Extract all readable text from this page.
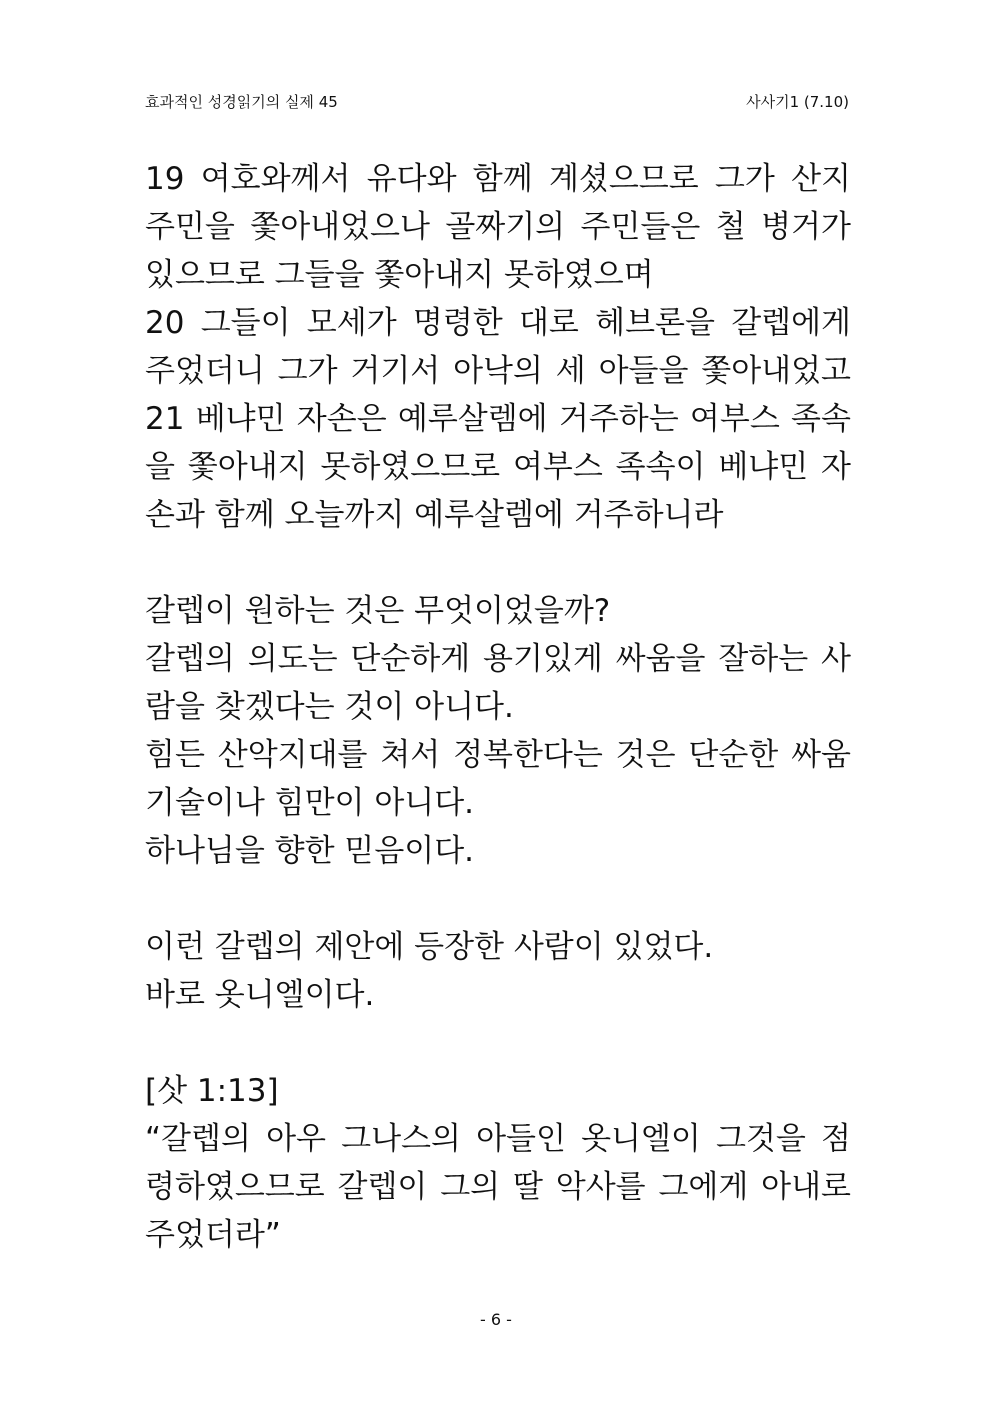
효과적인 성경읽기의 실제 45	사사기1 (7.10)
19 여호와께서 유다와 함께 계셨으므로 그가 산지
주민을 쫓아내었으나 골짜기의 주민들은 철 병거가
있으므로 그들을 쫓아내지 못하였으며
20 그들이 모세가 명령한 대로 헤브론을 갈렙에게
주었더니 그가 거기서 아낙의 세 아들을 쫓아내었고
21 베냐민 자손은 예루살렘에 거주하는 여부스 족속
을 쫓아내지 못하였으므로 여부스 족속이 베냐민 자
손과 함께 오늘까지 예루살렘에 거주하니라
갈렙이 원하는 것은 무엇이었을까?
갈렙의 의도는 단순하게 용기있게 싸움을 잘하는 사
람을 찾겠다는 것이 아니다.
힘든 산악지대를 쳐서 정복한다는 것은 단순한 싸움
기술이나 힘만이 아니다.
하나님을 향한 믿음이다.
이런 갈렙의 제안에 등장한 사람이 있었다.
바로 옷니엘이다.
[삿 1:13]
“갈렙의 아우 그나스의 아들인 옷니엘이 그것을 점
령하였으므로 갈렙이 그의 딸 악사를 그에게 아내로
주었더라”
- 6 -
